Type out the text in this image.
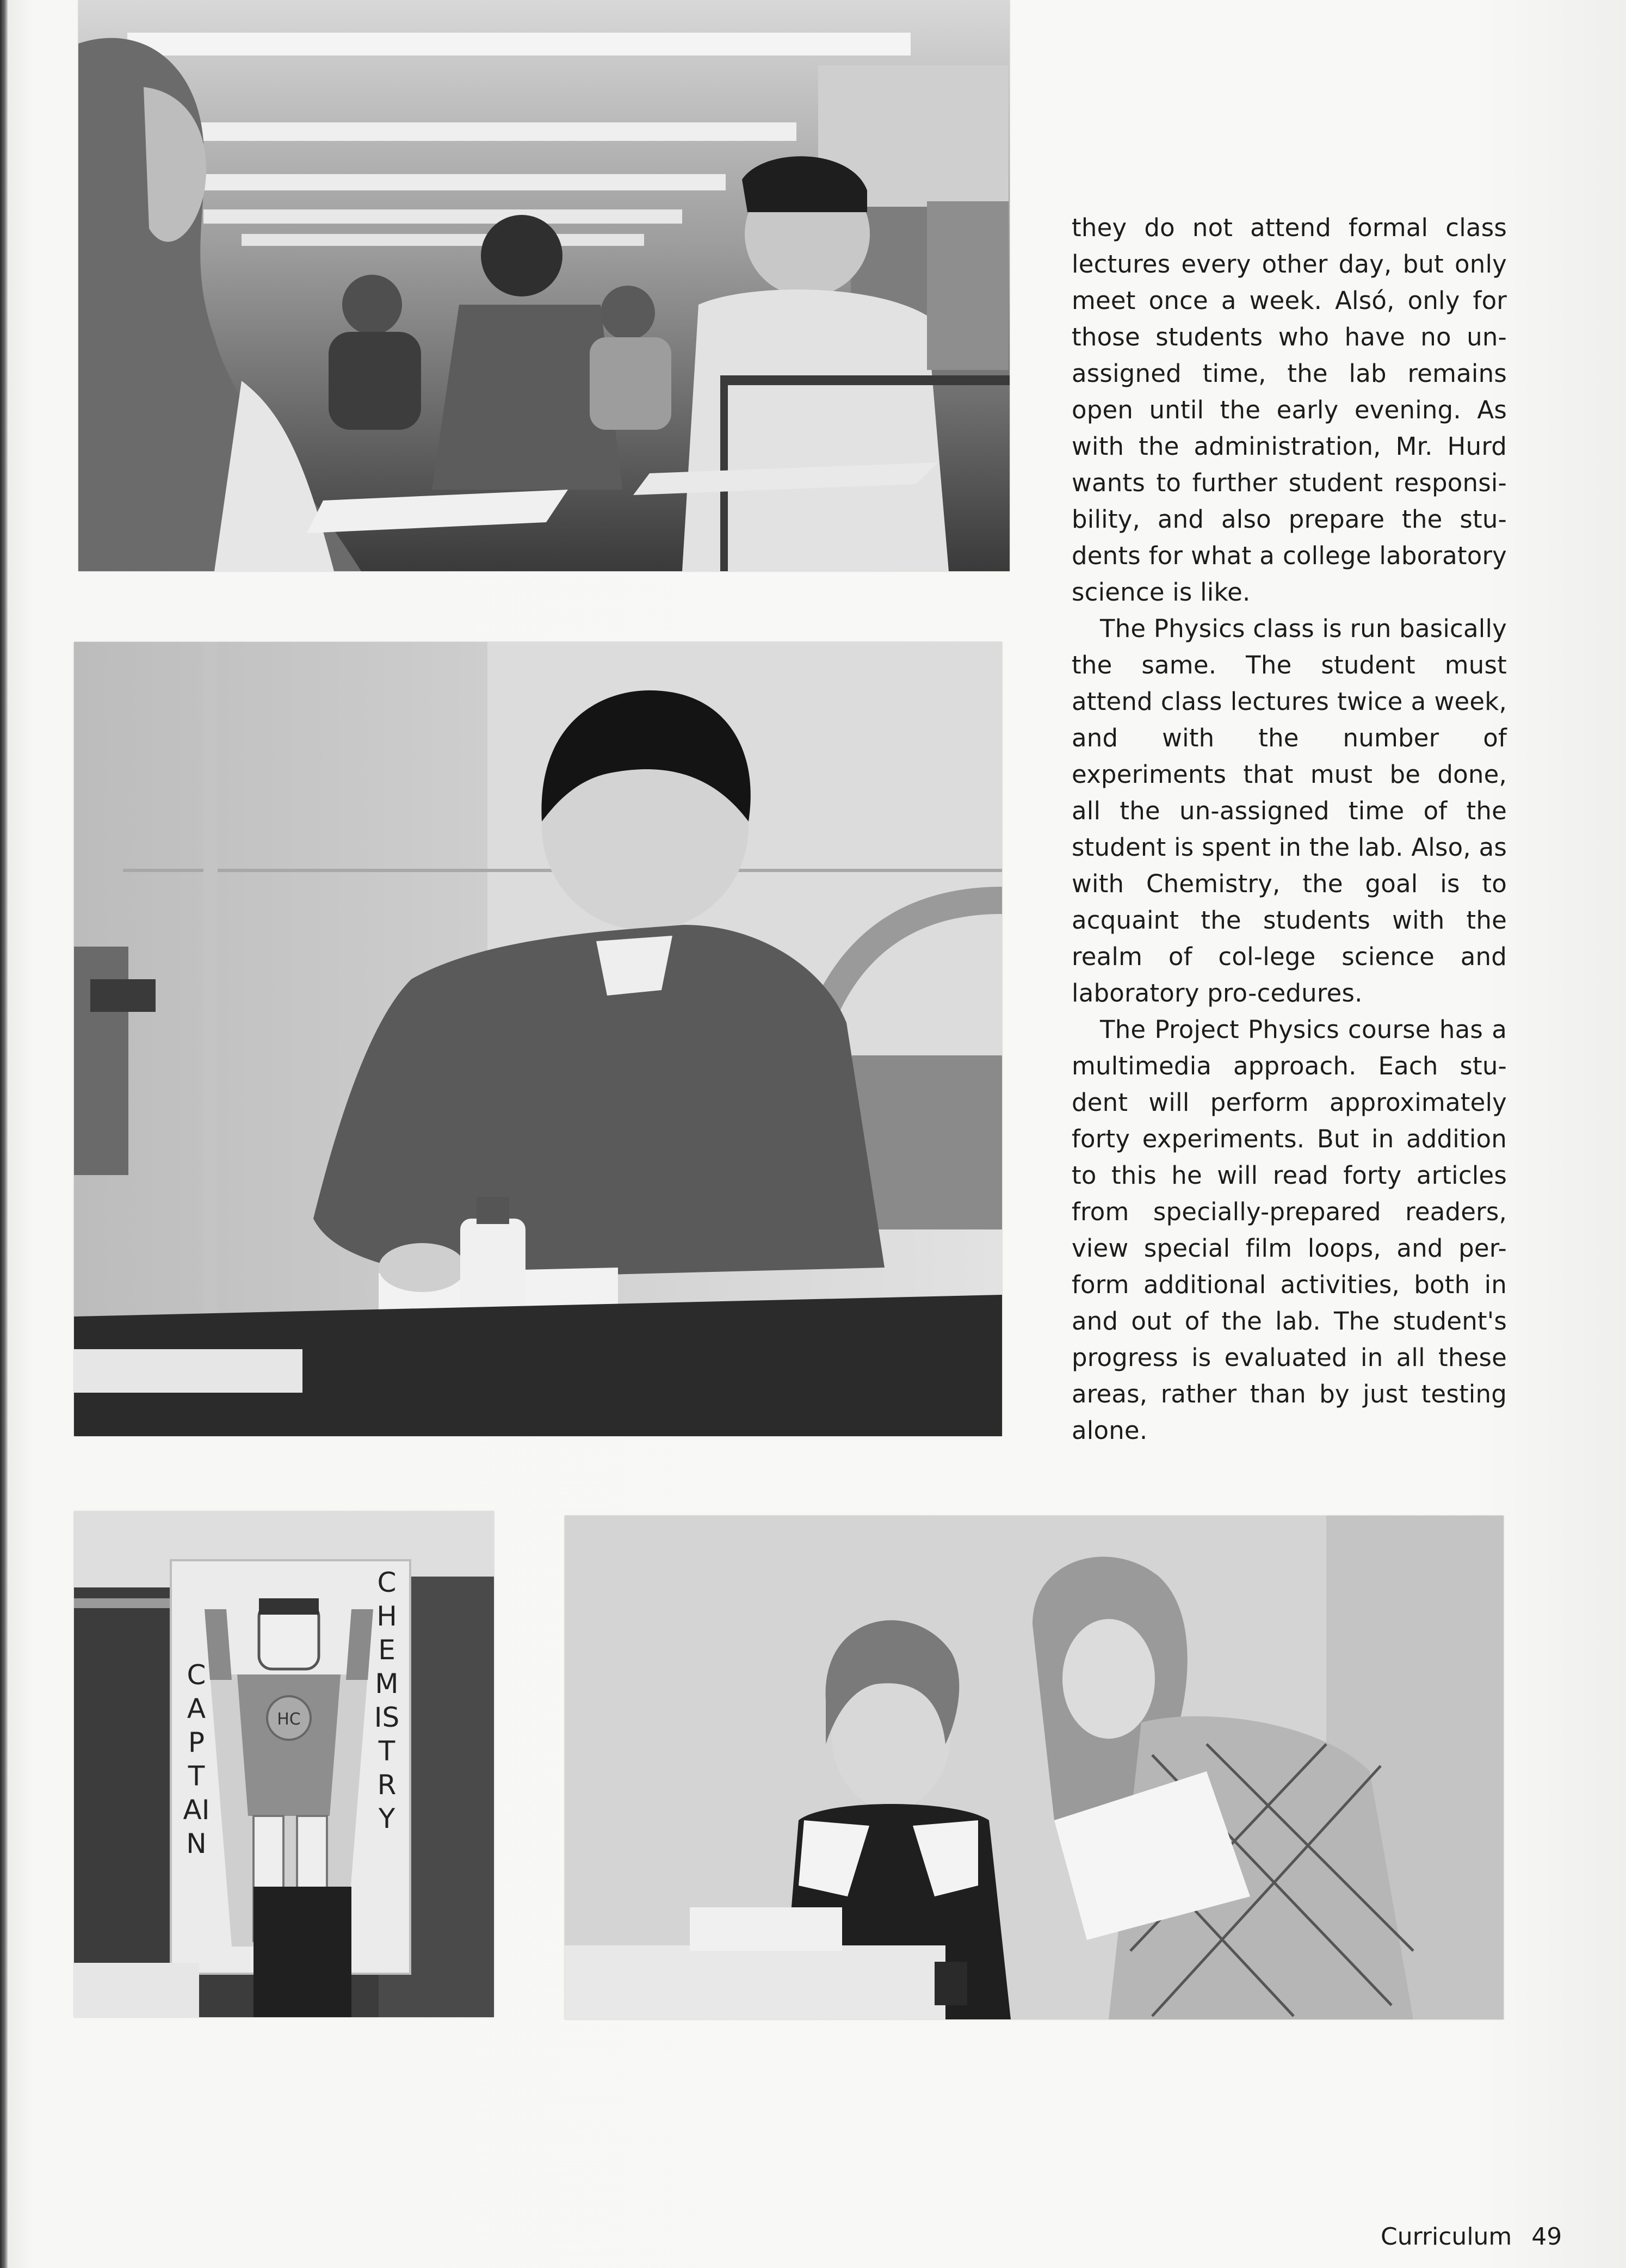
HC
CAPTAIN
CHEMISTRY

they do not attend formal class lectures every other day, but only meet once a week. Alsó, only for those students who have no un-assigned time, the lab remains open until the early evening. As with the administration, Mr. Hurd wants to further student responsi-bility, and also prepare the stu-dents for what a college laboratory science is like.

The Physics class is run basically the same. The student must attend class lectures twice a week, and with the number of experiments that must be done, all the un-assigned time of the student is spent in the lab. Also, as with Chemistry, the goal is to acquaint the students with the realm of col-lege science and laboratory pro-cedures.

The Project Physics course has a multimedia approach. Each stu-dent will perform approximately forty experiments. But in addition to this he will read forty articles from specially-prepared readers, view special film loops, and per-form additional activities, both in and out of the lab. The student's progress is evaluated in all these areas, rather than by just testing alone.

Curriculum 49
